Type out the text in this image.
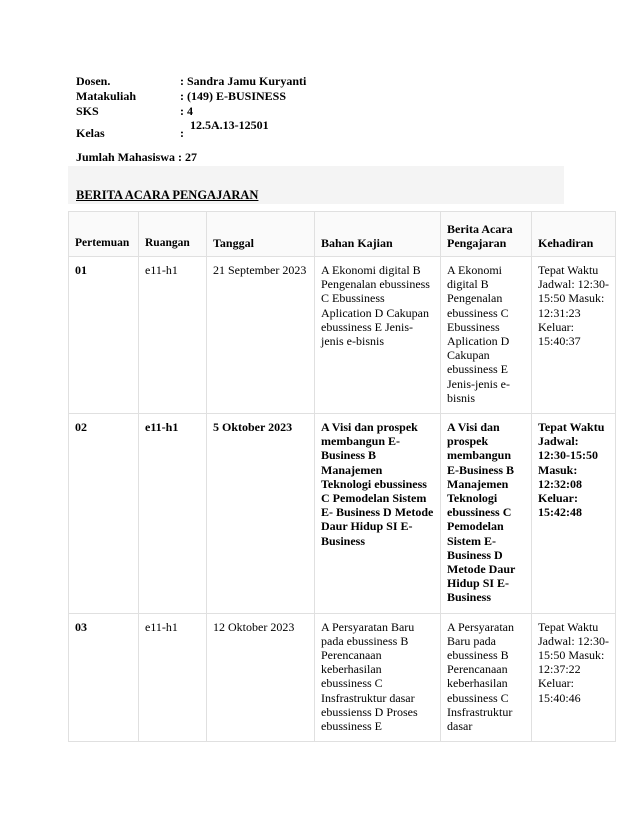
Dosen.	: Sandra Jamu Kuryanti
Matakuliah	: (149) E-BUSINESS
SKS	: 4
Kelas	:
12.5A.13-12501
Jumlah Mahasiswa : 27
BERITA ACARA PENGAJARAN
Pertemuan	Ruangan	Tanggal	Bahan Kajian	Berita Acara Pengajaran	Kehadiran
01	e11-h1	21 September 2023	A Ekonomi digital B Pengenalan ebussiness C Ebussiness Aplication D Cakupan ebussiness E Jenis-jenis e-bisnis	A Ekonomi digital B Pengenalan ebussiness C Ebussiness Aplication D Cakupan ebussiness E Jenis-jenis e-bisnis	Tepat Waktu Jadwal: 12:30-15:50 Masuk: 12:31:23 Keluar: 15:40:37
02	e11-h1	5 Oktober 2023	A Visi dan prospek membangun E-Business B Manajemen Teknologi ebussiness C Pemodelan Sistem E- Business D Metode Daur Hidup SI E-Business	A Visi dan prospek membangun E-Business B Manajemen Teknologi ebussiness C Pemodelan Sistem E-Business D Metode Daur Hidup SI E-Business	Tepat Waktu Jadwal: 12:30-15:50 Masuk: 12:32:08 Keluar: 15:42:48
03	e11-h1	12 Oktober 2023	A Persyaratan Baru pada ebussiness B Perencanaan keberhasilan ebussiness C Insfrastruktur dasar ebussienss D Proses ebussiness E	A Persyaratan Baru pada ebussiness B Perencanaan keberhasilan ebussiness C Insfrastruktur dasar	Tepat Waktu Jadwal: 12:30-15:50 Masuk: 12:37:22 Keluar: 15:40:46
